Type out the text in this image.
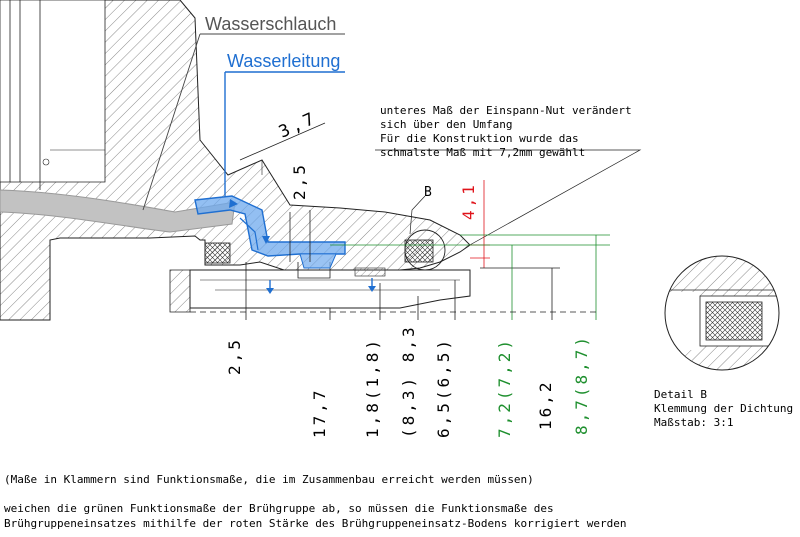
Wasserschlauch
Wasserleitung
unteres Maß der Einspann-Nut verändert
sich über den Umfang
Für die Konstruktion wurde das
schmalste Maß mit 7,2mm gewählt
B
3,7
2,5
4,1
2,5
17,7 1,8(1,8) (8,3) 8,3 6,5(6,5)	7,2(7,2) 16,2 8,7(8,7)	Detail B
Klemmung der Dichtung
Maßstab: 3:1
(Maße in Klammern sind Funktionsmaße, die im Zusammenbau erreicht werden müssen)
weichen die grünen Funktionsmaße der Brühgruppe ab, so müssen die Funktionsmaße des
Brühgruppeneinsatzes mithilfe der roten Stärke des Brühgruppeneinsatz-Bodens korrigiert werden
